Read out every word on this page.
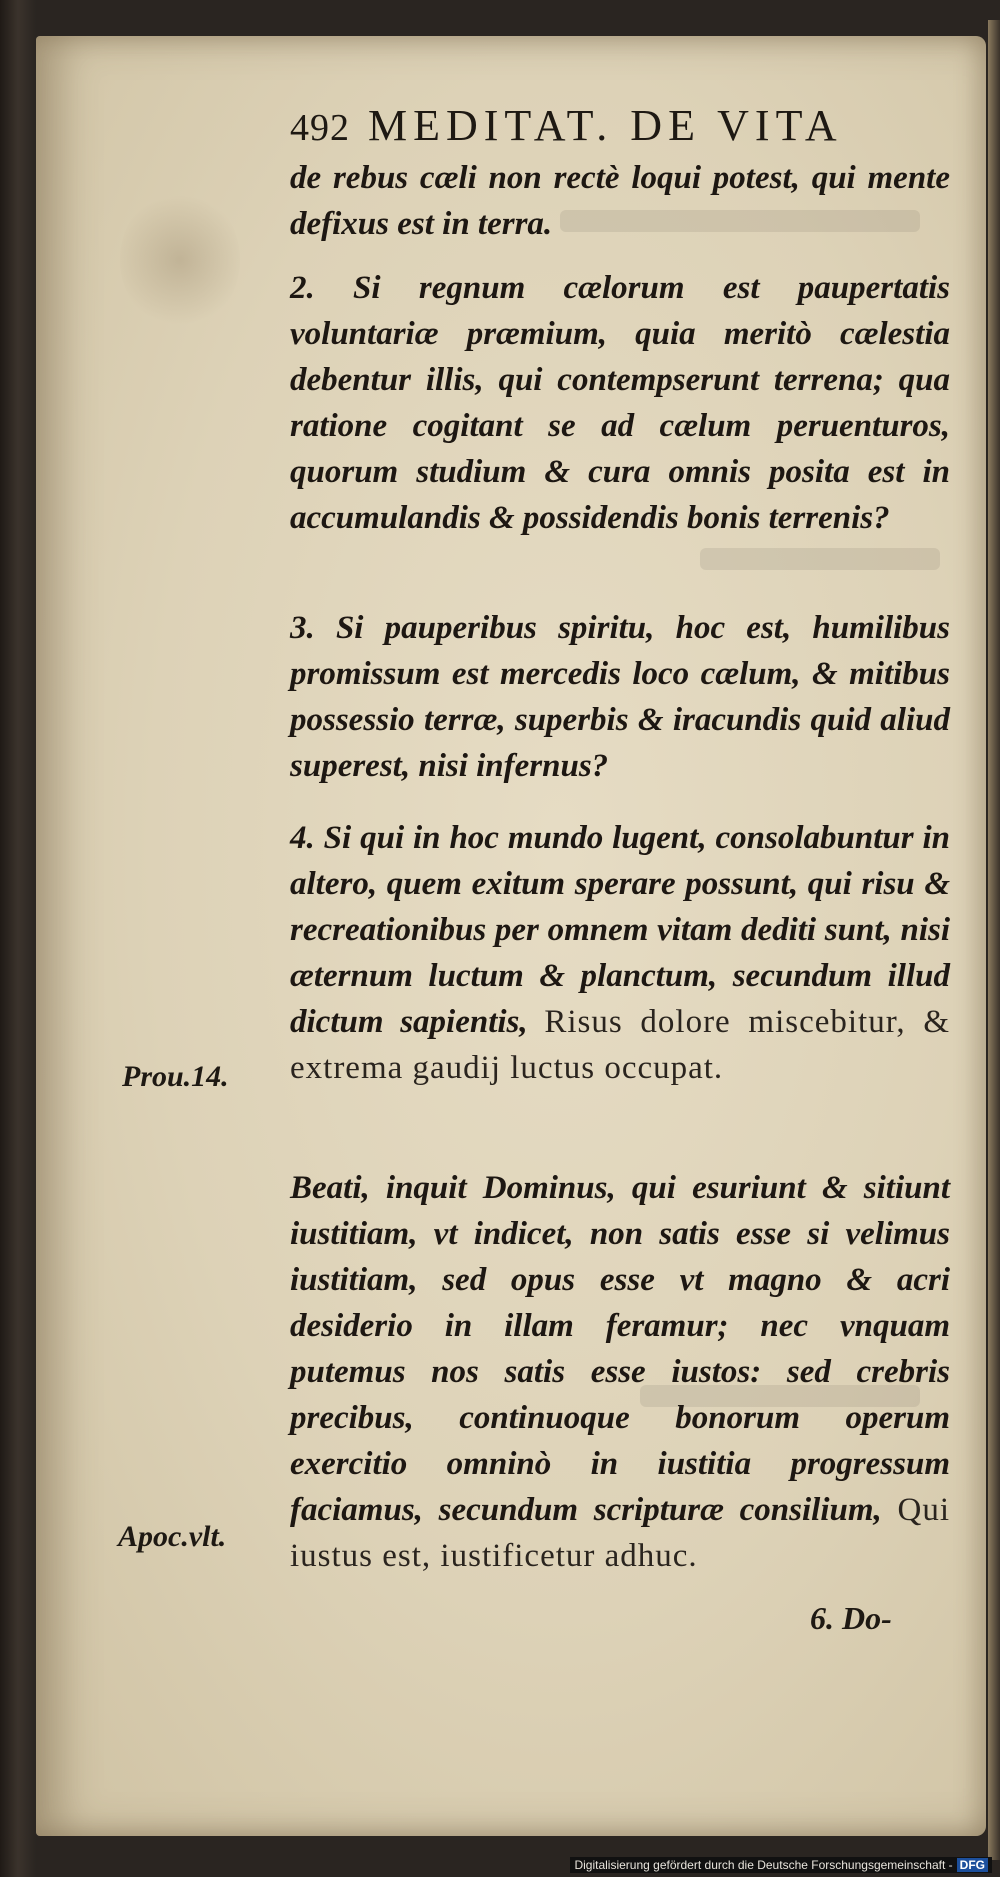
492 MEDITAT. DE VITA
de rebus cæli non rectè loqui potest, qui mente defixus est in terra.
2. Si regnum cælorum est paupertatis voluntariæ præmium, quia meritò cælestia debentur illis, qui contempserunt terrena; qua ratione cogitant se ad cælum peruenturos, quorum studium & cura omnis posita est in accumulandis & possidendis bonis terrenis?
3. Si pauperibus spiritu, hoc est, humilibus promissum est mercedis loco cælum, & mitibus possessio terræ, superbis & iracundis quid aliud superest, nisi infernus?
4. Si qui in hoc mundo lugent, consolabuntur in altero, quem exitum sperare possunt, qui risu & recreationibus per omnem vitam dediti sunt, nisi æternum luctum & planctum, secundum illud dictum sapientis, Risus dolore miscebitur, & extrema gaudij luctus occupat.
Beati, inquit Dominus, qui esuriunt & sitiunt iustitiam, vt indicet, non satis esse si velimus iustitiam, sed opus esse vt magno & acri desiderio in illam feramur; nec vnquam putemus nos satis esse iustos: sed crebris precibus, continuoque bonorum operum exercitio omninò in iustitia progressum faciamus, secundum scripturæ consilium, Qui iustus est, iustificetur adhuc.
Prou.14.
Apoc.vlt.
6. Do-
Digitalisierung gefördert durch die Deutsche Forschungsgemeinschaft - DFG
